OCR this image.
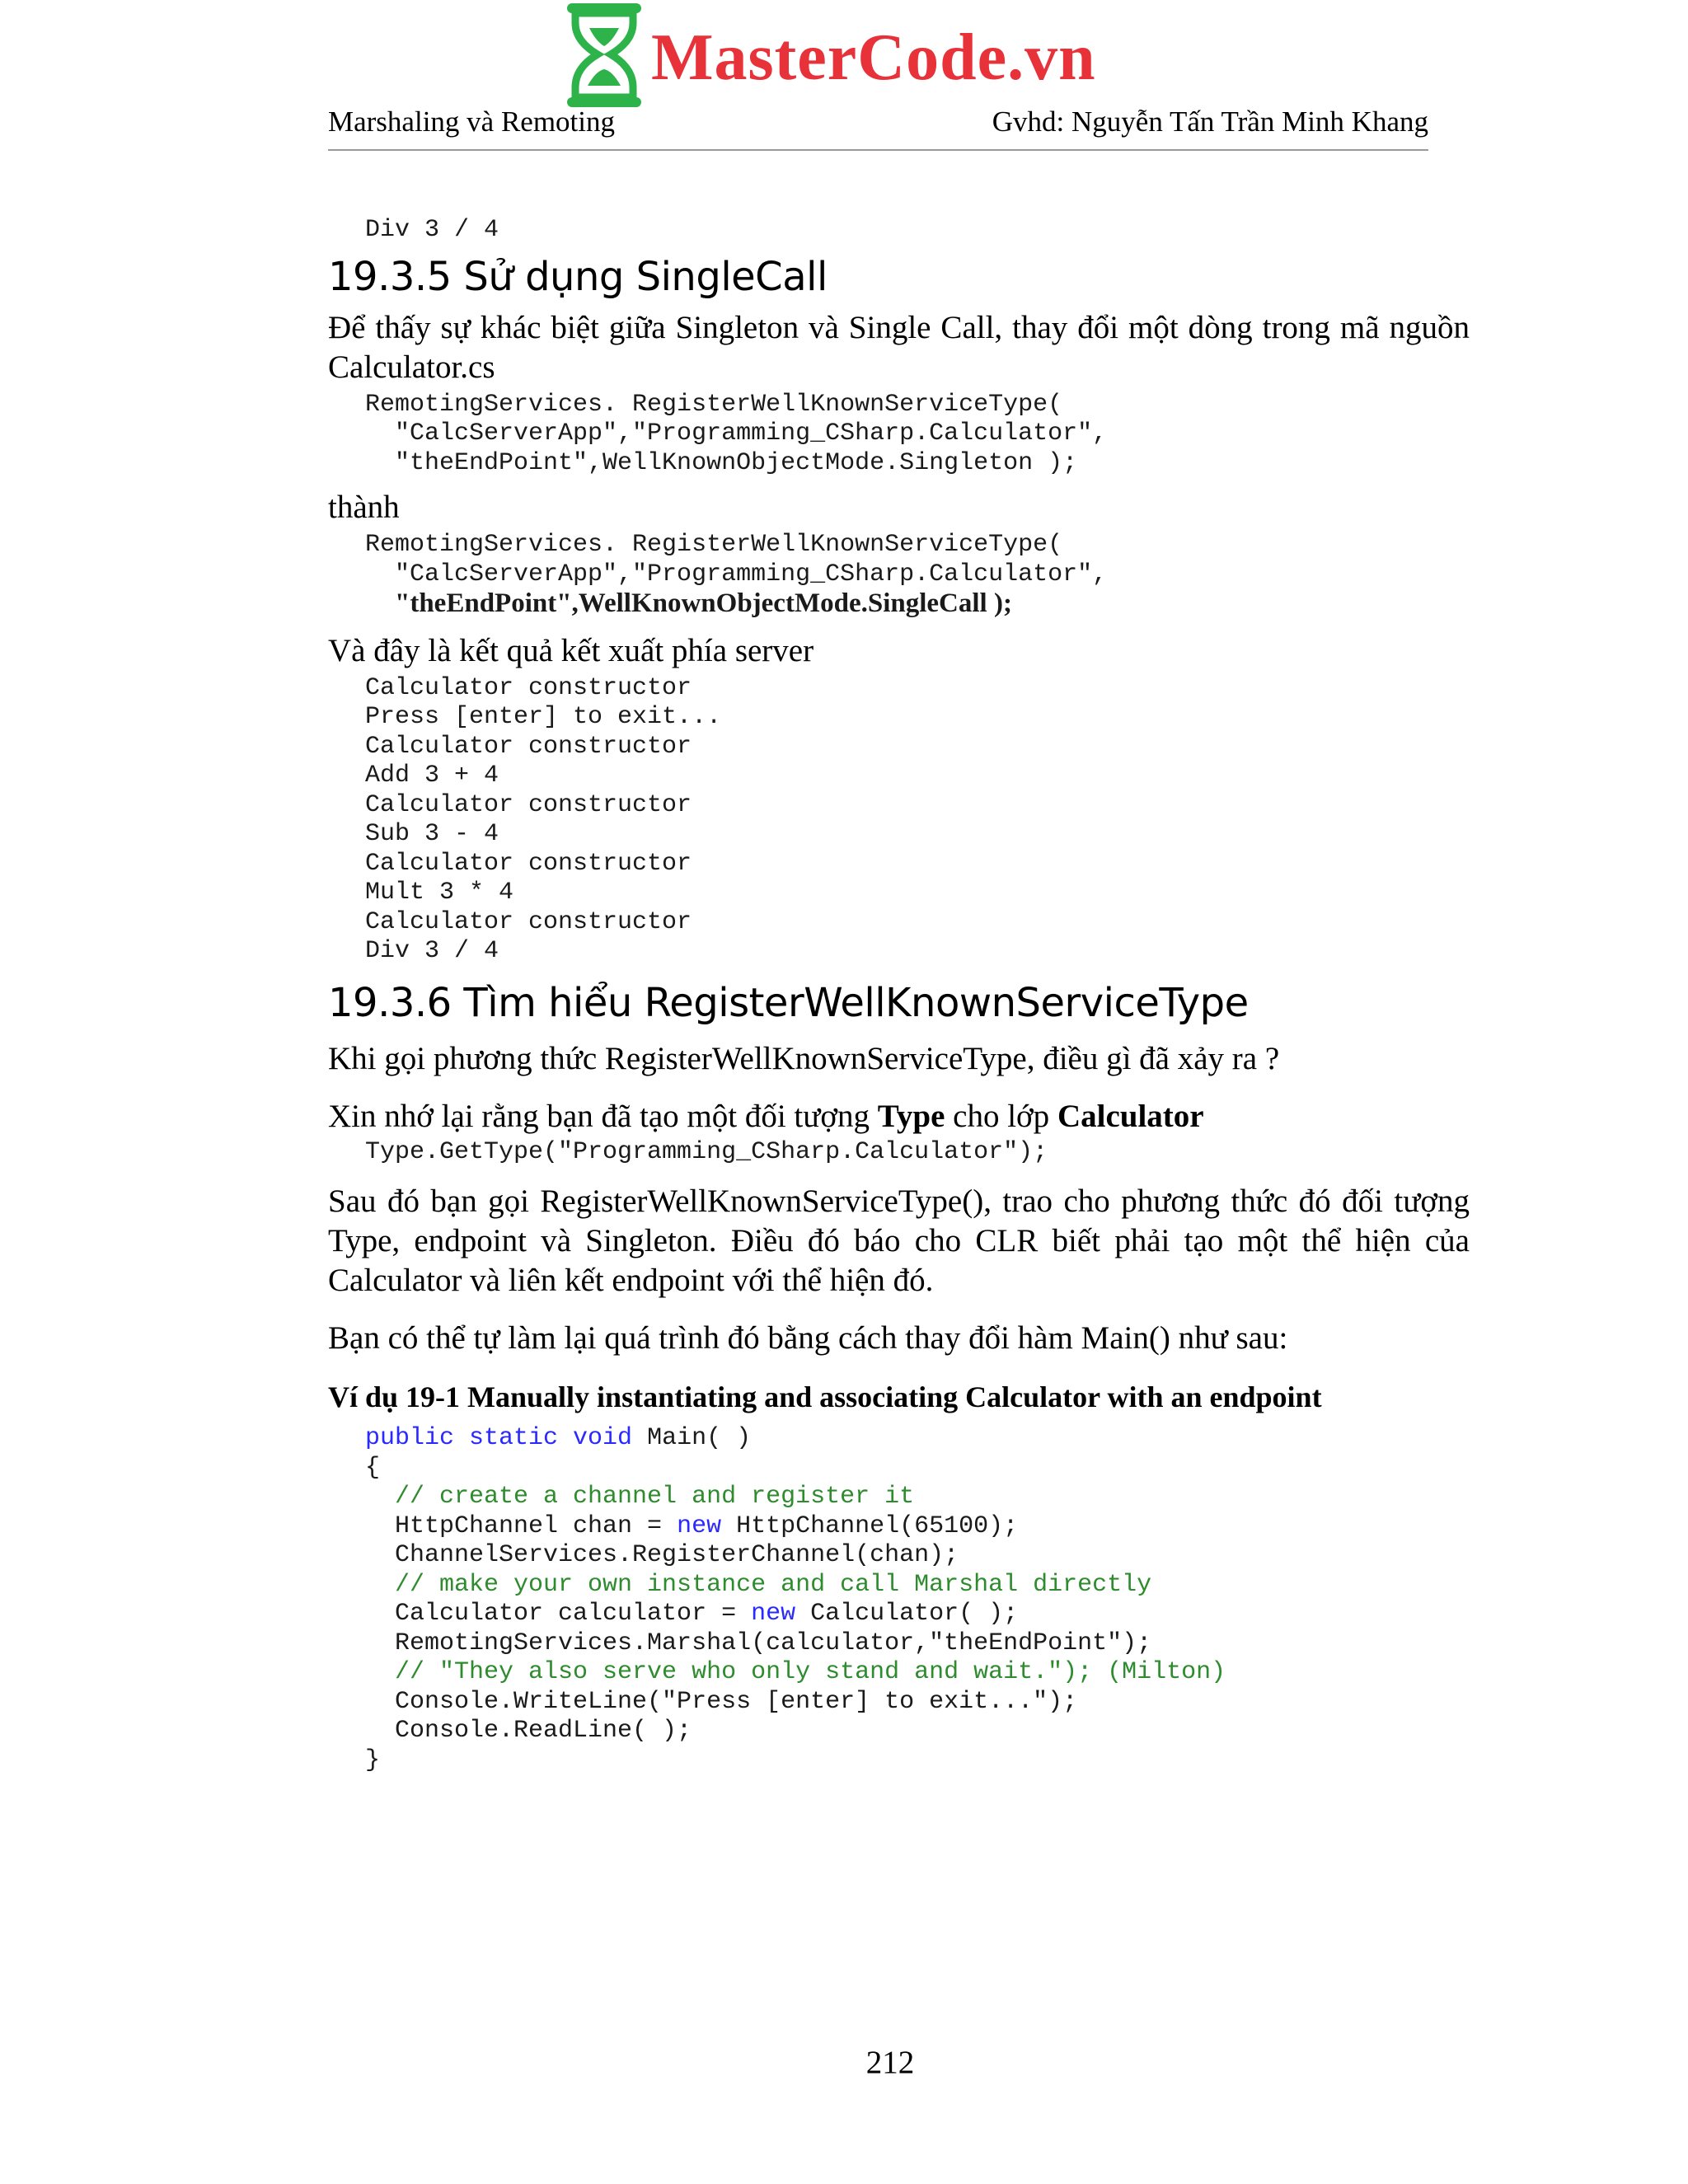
MasterCode.vn
Marshaling và Remoting	Gvhd: Nguyễn Tấn Trần Minh Khang
Div 3 / 4
19.3.5 Sử dụng SingleCall

Để thấy sự khác biệt giữa Singleton và Single Call, thay đổi một dòng trong mã nguồn Calculator.cs

RemotingServices. RegisterWellKnownServiceType(
"CalcServerApp","Programming_CSharp.Calculator",
"theEndPoint",WellKnownObjectMode.Singleton );

thành

RemotingServices. RegisterWellKnownServiceType(
"CalcServerApp","Programming_CSharp.Calculator",
"theEndPoint",WellKnownObjectMode.SingleCall );

Và đây là kết quả kết xuất phía server

Calculator constructor
Press [enter] to exit...
Calculator constructor
Add 3 + 4
Calculator constructor
Sub 3 - 4
Calculator constructor
Mult 3 * 4
Calculator constructor
Div 3 / 4
19.3.6 Tìm hiểu RegisterWellKnownServiceType

Khi gọi phương thức RegisterWellKnownServiceType, điều gì đã xảy ra ?

Xin nhớ lại rằng bạn đã tạo một đối tượng Type cho lớp Calculator

Type.GetType("Programming_CSharp.Calculator");

Sau đó bạn gọi RegisterWellKnownServiceType(), trao cho phương thức đó đối tượng Type, endpoint và Singleton. Điều đó báo cho CLR biết phải tạo một thể hiện của Calculator và liên kết endpoint với thể hiện đó.

Bạn có thể tự làm lại quá trình đó bằng cách thay đổi hàm Main() như sau:

Ví dụ 19-1 Manually instantiating and associating Calculator with an endpoint

public static void Main( )
{
// create a channel and register it
HttpChannel chan = new HttpChannel(65100);
ChannelServices.RegisterChannel(chan);
// make your own instance and call Marshal directly
Calculator calculator = new Calculator( );
RemotingServices.Marshal(calculator,"theEndPoint");
// "They also serve who only stand and wait."); (Milton)
Console.WriteLine("Press [enter] to exit...");
Console.ReadLine( );
}
212
